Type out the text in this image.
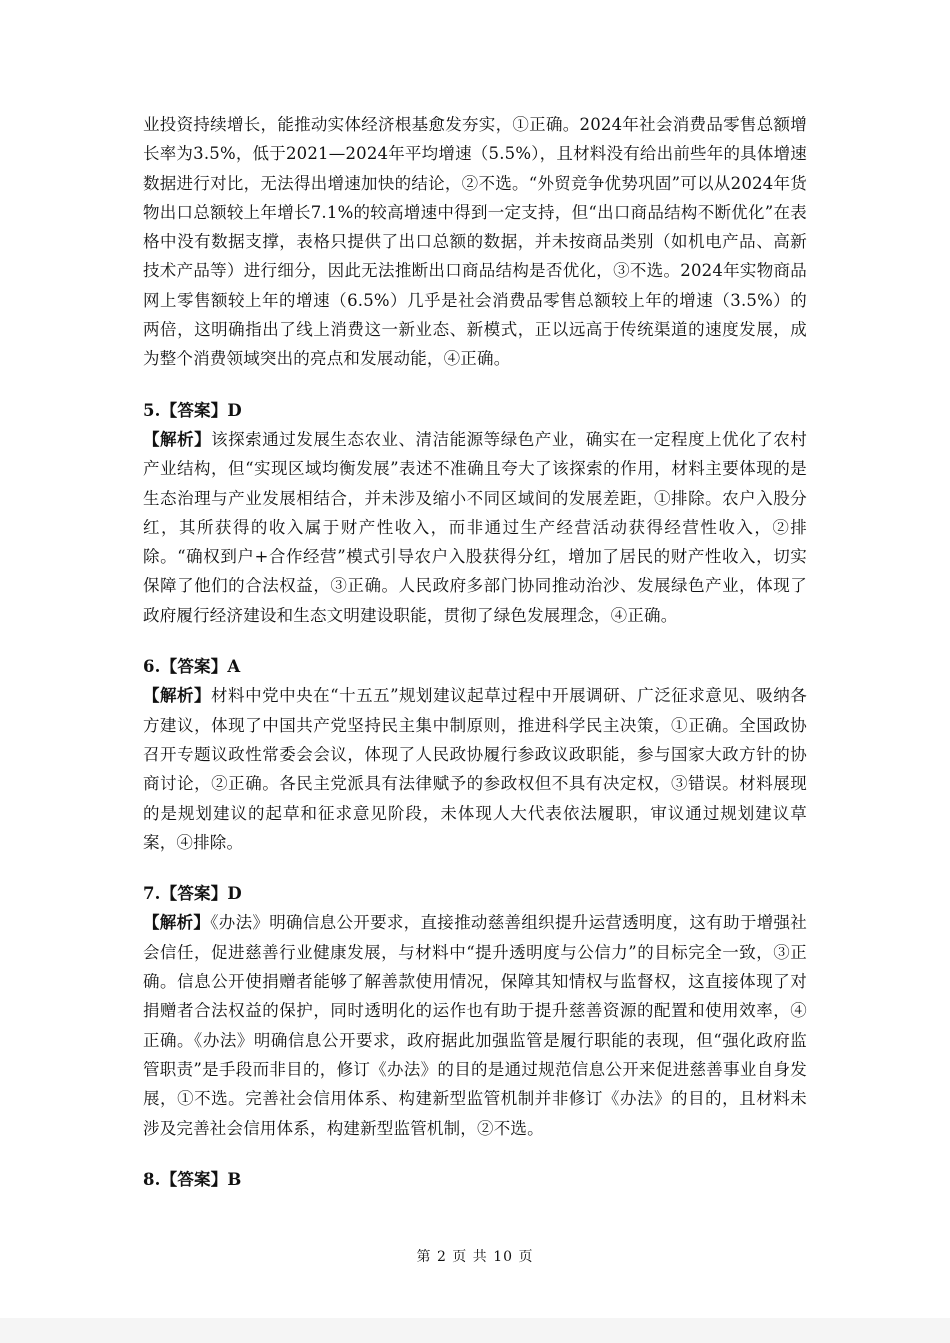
业投资持续增长，能推动实体经济根基愈发夯实，①正确。2024年社会消费品零售总额增长率为3.5%，低于2021—2024年平均增速（5.5%），且材料没有给出前些年的具体增速数据进行对比，无法得出增速加快的结论，②不选。“外贸竞争优势巩固”可以从2024年货物出口总额较上年增长7.1%的较高增速中得到一定支持，但“出口商品结构不断优化”在表格中没有数据支撑，表格只提供了出口总额的数据，并未按商品类别（如机电产品、高新技术产品等）进行细分，因此无法推断出口商品结构是否优化，③不选。2024年实物商品网上零售额较上年的增速（6.5%）几乎是社会消费品零售总额较上年的增速（3.5%）的两倍，这明确指出了线上消费这一新业态、新模式，正以远高于传统渠道的速度发展，成为整个消费领域突出的亮点和发展动能，④正确。

5.【答案】D

【解析】该探索通过发展生态农业、清洁能源等绿色产业，确实在一定程度上优化了农村产业结构，但“实现区域均衡发展”表述不准确且夸大了该探索的作用，材料主要体现的是生态治理与产业发展相结合，并未涉及缩小不同区域间的发展差距，①排除。农户入股分红，其所获得的收入属于财产性收入，而非通过生产经营活动获得经营性收入，②排除。“确权到户+合作经营”模式引导农户入股获得分红，增加了居民的财产性收入，切实保障了他们的合法权益，③正确。人民政府多部门协同推动治沙、发展绿色产业，体现了政府履行经济建设和生态文明建设职能，贯彻了绿色发展理念，④正确。

6.【答案】A

【解析】材料中党中央在“十五五”规划建议起草过程中开展调研、广泛征求意见、吸纳各方建议，体现了中国共产党坚持民主集中制原则，推进科学民主决策，①正确。全国政协召开专题议政性常委会会议，体现了人民政协履行参政议政职能，参与国家大政方针的协商讨论，②正确。各民主党派具有法律赋予的参政权但不具有决定权，③错误。材料展现的是规划建议的起草和征求意见阶段，未体现人大代表依法履职，审议通过规划建议草案，④排除。

7.【答案】D

【解析】《办法》明确信息公开要求，直接推动慈善组织提升运营透明度，这有助于增强社会信任，促进慈善行业健康发展，与材料中“提升透明度与公信力”的目标完全一致，③正确。信息公开使捐赠者能够了解善款使用情况，保障其知情权与监督权，这直接体现了对捐赠者合法权益的保护，同时透明化的运作也有助于提升慈善资源的配置和使用效率，④正确。《办法》明确信息公开要求，政府据此加强监管是履行职能的表现，但“强化政府监管职责”是手段而非目的，修订《办法》的目的是通过规范信息公开来促进慈善事业自身发展，①不选。完善社会信用体系、构建新型监管机制并非修订《办法》的目的，且材料未涉及完善社会信用体系，构建新型监管机制，②不选。

8.【答案】B

第 2 页 共 10 页
